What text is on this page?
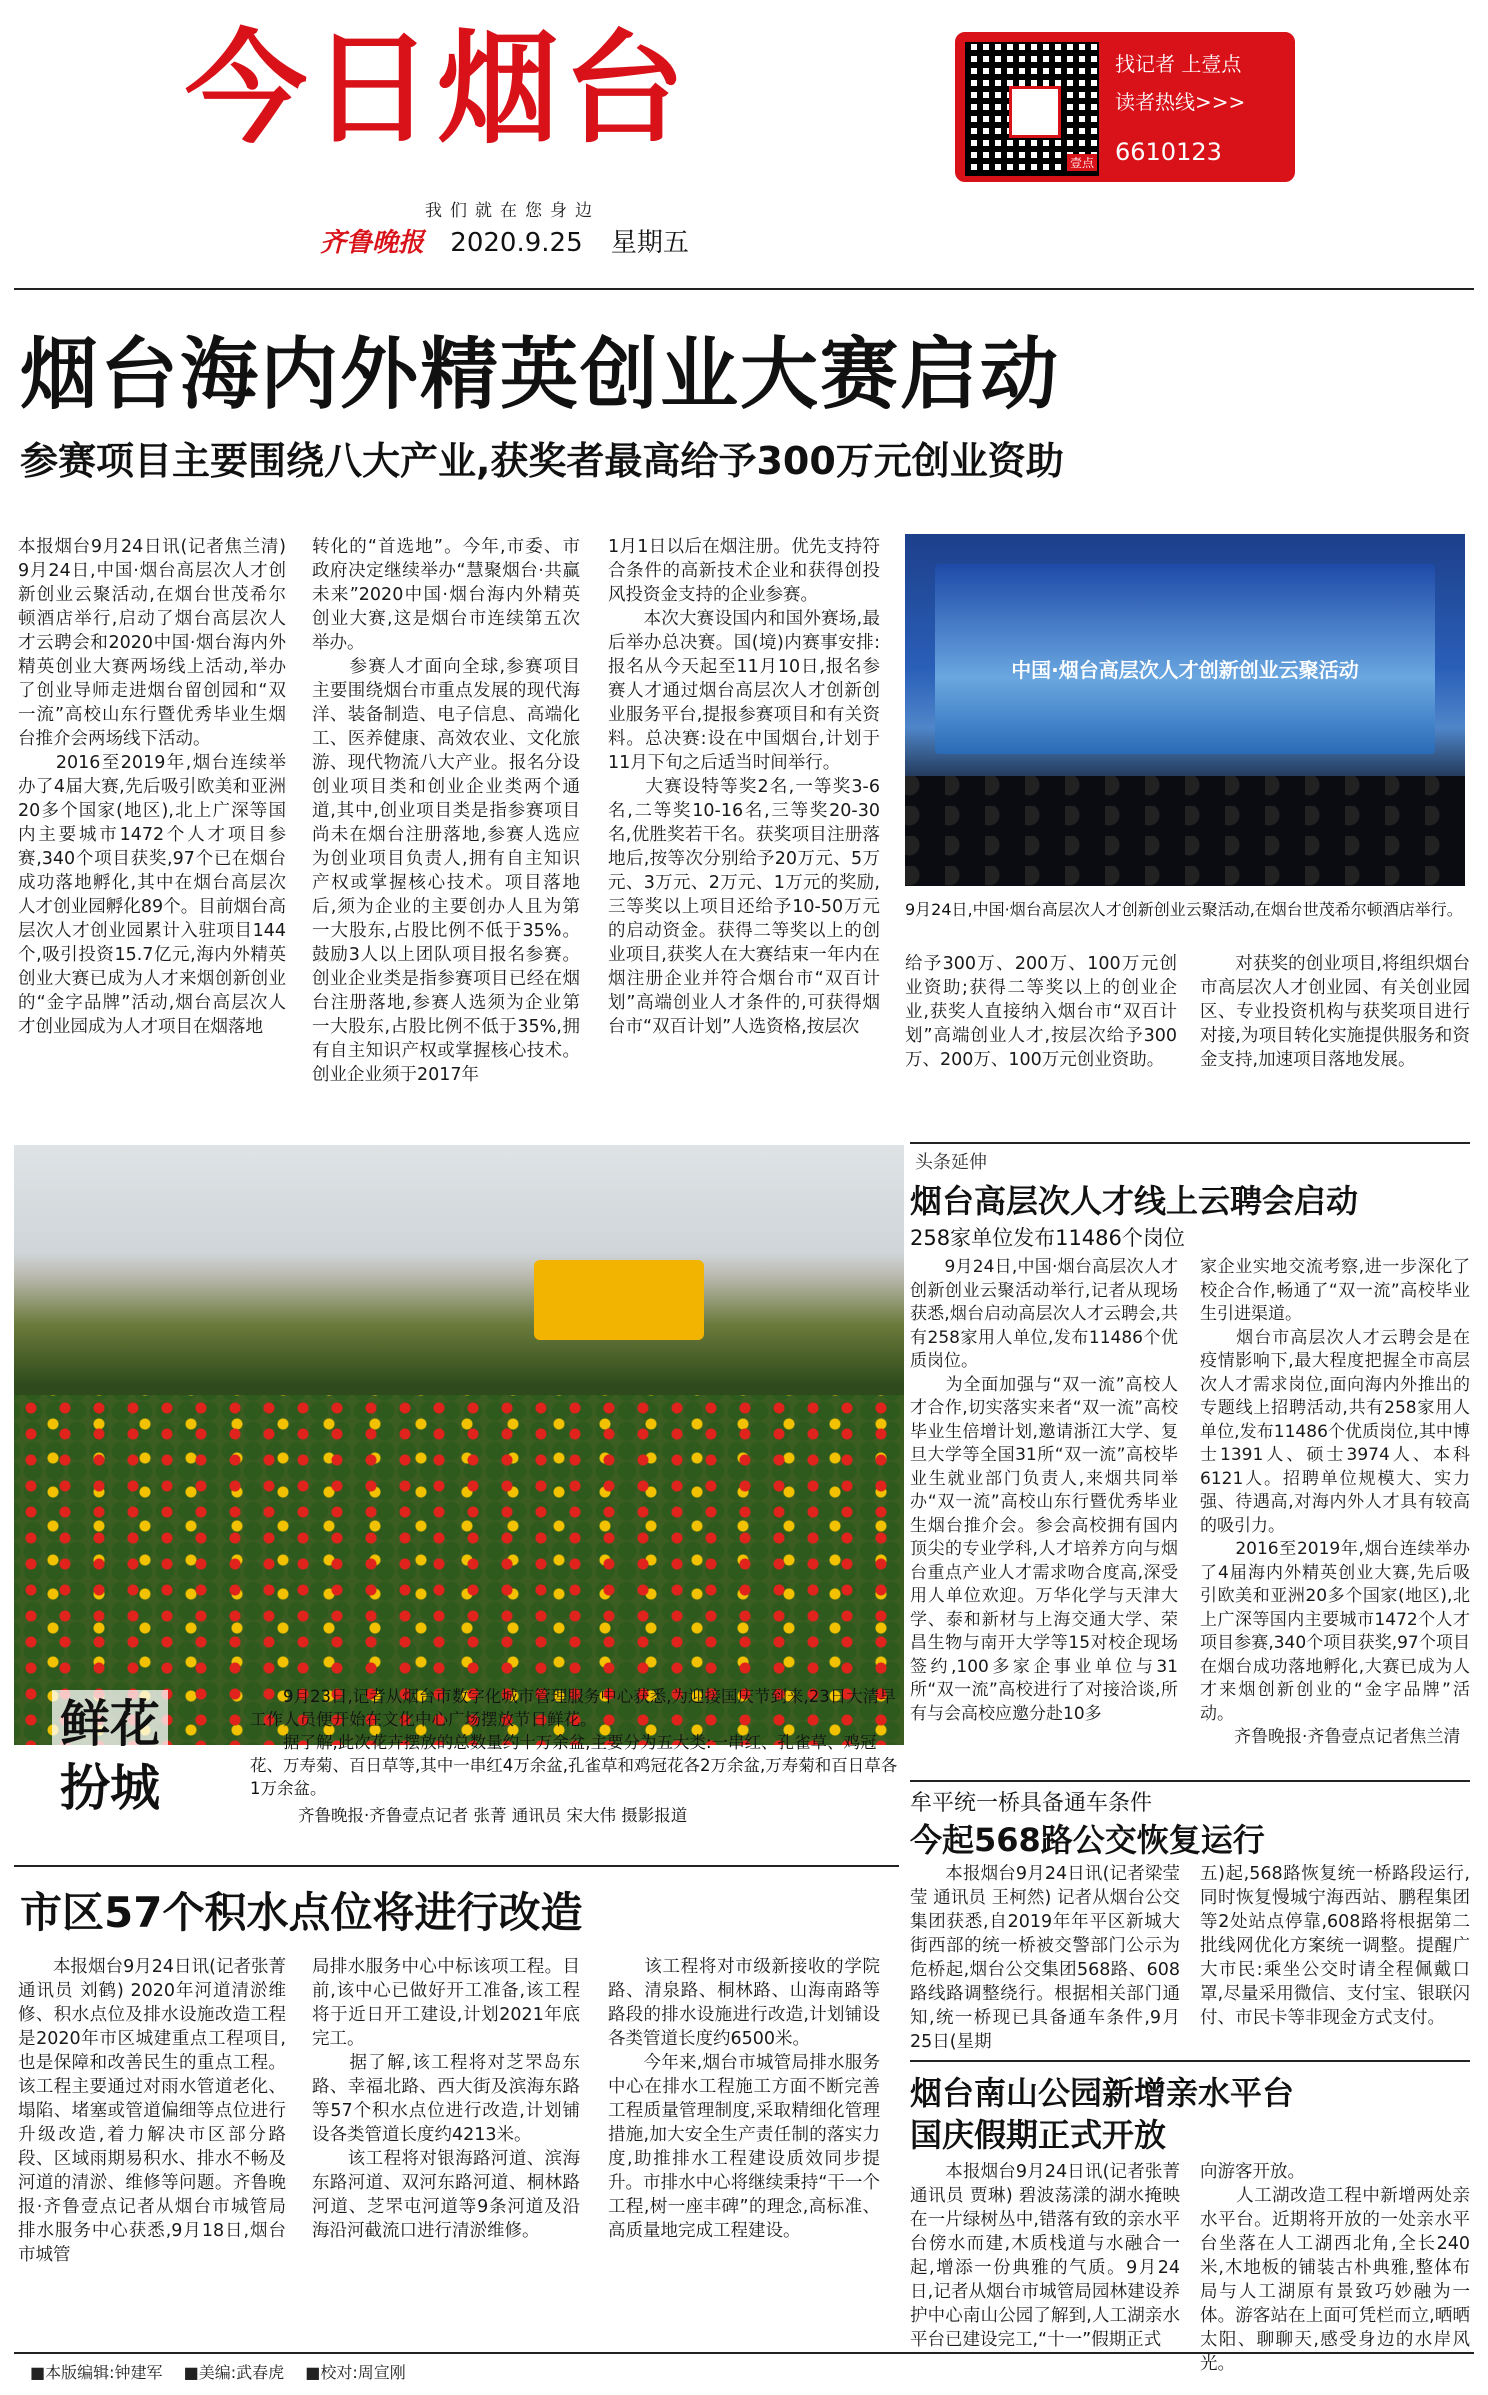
今日烟台	找记者 上壹点
读者热线>>>
6610123
壹点
我们就在您身边
齐鲁晚报 2020.9.25 星期五
烟台海内外精英创业大赛启动
参赛项目主要围绕八大产业,获奖者最高给予300万元创业资助
本报烟台9月24日讯(记者焦兰清) 9月24日,中国·烟台高层次人才创新创业云聚活动,在烟台世茂希尔顿酒店举行,启动了烟台高层次人才云聘会和2020中国·烟台海内外精英创业大赛两场线上活动,举办了创业导师走进烟台留创园和“双一流”高校山东行暨优秀毕业生烟台推介会两场线下活动。
　　2016至2019年,烟台连续举办了4届大赛,先后吸引欧美和亚洲20多个国家(地区),北上广深等国内主要城市1472个人才项目参赛,340个项目获奖,97个已在烟台成功落地孵化,其中在烟台高层次人才创业园孵化89个。目前烟台高层次人才创业园累计入驻项目144个,吸引投资15.7亿元,海内外精英创业大赛已成为人才来烟创新创业的“金字品牌”活动,烟台高层次人才创业园成为人才项目在烟落地
转化的“首选地”。今年,市委、市政府决定继续举办“慧聚烟台·共赢未来”2020中国·烟台海内外精英创业大赛,这是烟台市连续第五次举办。
　　参赛人才面向全球,参赛项目主要围绕烟台市重点发展的现代海洋、装备制造、电子信息、高端化工、医养健康、高效农业、文化旅游、现代物流八大产业。报名分设创业项目类和创业企业类两个通道,其中,创业项目类是指参赛项目尚未在烟台注册落地,参赛人选应为创业项目负责人,拥有自主知识产权或掌握核心技术。项目落地后,须为企业的主要创办人且为第一大股东,占股比例不低于35%。鼓励3人以上团队项目报名参赛。创业企业类是指参赛项目已经在烟台注册落地,参赛人选须为企业第一大股东,占股比例不低于35%,拥有自主知识产权或掌握核心技术。创业企业须于2017年
1月1日以后在烟注册。优先支持符合条件的高新技术企业和获得创投风投资金支持的企业参赛。
　　本次大赛设国内和国外赛场,最后举办总决赛。国(境)内赛事安排:报名从今天起至11月10日,报名参赛人才通过烟台高层次人才创新创业服务平台,提报参赛项目和有关资料。总决赛:设在中国烟台,计划于11月下旬之后适当时间举行。
　　大赛设特等奖2名,一等奖3-6名,二等奖10-16名,三等奖20-30名,优胜奖若干名。获奖项目注册落地后,按等次分别给予20万元、5万元、3万元、2万元、1万元的奖励,三等奖以上项目还给予10-50万元的启动资金。获得二等奖以上的创业项目,获奖人在大赛结束一年内在烟注册企业并符合烟台市“双百计划”高端创业人才条件的,可获得烟台市“双百计划”人选资格,按层次
中国·烟台高层次人才创新创业云聚活动
9月24日,中国·烟台高层次人才创新创业云聚活动,在烟台世茂希尔顿酒店举行。
给予300万、200万、100万元创业资助;获得二等奖以上的创业企业,获奖人直接纳入烟台市“双百计划”高端创业人才,按层次给予300万、200万、100万元创业资助。
　　对获奖的创业项目,将组织烟台市高层次人才创业园、有关创业园区、专业投资机构与获奖项目进行对接,为项目转化实施提供服务和资金支持,加速项目落地发展。
鲜花
扮城
　　9月23日,记者从烟台市数字化城市管理服务中心获悉,为迎接国庆节到来,23日大清早工作人员便开始在文化中心广场摆放节日鲜花。
　　据了解,此次花卉摆放的总数量约十万余盆,主要分为五大类:一串红、孔雀草、鸡冠花、万寿菊、百日草等,其中一串红4万余盆,孔雀草和鸡冠花各2万余盆,万寿菊和百日草各1万余盆。
齐鲁晚报·齐鲁壹点记者 张菁 通讯员 宋大伟 摄影报道
头条延伸
烟台高层次人才线上云聘会启动
258家单位发布11486个岗位
　　9月24日,中国·烟台高层次人才创新创业云聚活动举行,记者从现场获悉,烟台启动高层次人才云聘会,共有258家用人单位,发布11486个优质岗位。
　　为全面加强与“双一流”高校人才合作,切实落实来者“双一流”高校毕业生倍增计划,邀请浙江大学、复旦大学等全国31所“双一流”高校毕业生就业部门负责人,来烟共同举办“双一流”高校山东行暨优秀毕业生烟台推介会。参会高校拥有国内顶尖的专业学科,人才培养方向与烟台重点产业人才需求吻合度高,深受用人单位欢迎。万华化学与天津大学、泰和新材与上海交通大学、荣昌生物与南开大学等15对校企现场签约,100多家企事业单位与31所“双一流”高校进行了对接洽谈,所有与会高校应邀分赴10多
家企业实地交流考察,进一步深化了校企合作,畅通了“双一流”高校毕业生引进渠道。
　　烟台市高层次人才云聘会是在疫情影响下,最大程度把握全市高层次人才需求岗位,面向海内外推出的专题线上招聘活动,共有258家用人单位,发布11486个优质岗位,其中博士1391人、硕士3974人、本科6121人。招聘单位规模大、实力强、待遇高,对海内外人才具有较高的吸引力。
　　2016至2019年,烟台连续举办了4届海内外精英创业大赛,先后吸引欧美和亚洲20多个国家(地区),北上广深等国内主要城市1472个人才项目参赛,340个项目获奖,97个项目在烟台成功落地孵化,大赛已成为人才来烟创新创业的“金字品牌”活动。
　　齐鲁晚报·齐鲁壹点记者焦兰清
牟平统一桥具备通车条件
今起568路公交恢复运行
　　本报烟台9月24日讯(记者梁莹莹 通讯员 王柯然) 记者从烟台公交集团获悉,自2019年年平区新城大街西部的统一桥被交警部门公示为危桥起,烟台公交集团568路、608路线路调整绕行。根据相关部门通知,统一桥现已具备通车条件,9月25日(星期
五)起,568路恢复统一桥路段运行,同时恢复慢城宁海西站、鹏程集团等2处站点停靠,608路将根据第二批线网优化方案统一调整。提醒广大市民:乘坐公交时请全程佩戴口罩,尽量采用微信、支付宝、银联闪付、市民卡等非现金方式支付。
市区57个积水点位将进行改造
　　本报烟台9月24日讯(记者张菁 通讯员 刘鹤) 2020年河道清淤维修、积水点位及排水设施改造工程是2020年市区城建重点工程项目,也是保障和改善民生的重点工程。该工程主要通过对雨水管道老化、塌陷、堵塞或管道偏细等点位进行升级改造,着力解决市区部分路段、区域雨期易积水、排水不畅及河道的清淤、维修等问题。齐鲁晚报·齐鲁壹点记者从烟台市城管局排水服务中心获悉,9月18日,烟台市城管
局排水服务中心中标该项工程。目前,该中心已做好开工准备,该工程将于近日开工建设,计划2021年底完工。
　　据了解,该工程将对芝罘岛东路、幸福北路、西大街及滨海东路等57个积水点位进行改造,计划铺设各类管道长度约4213米。
　　该工程将对银海路河道、滨海东路河道、双河东路河道、桐林路河道、芝罘屯河道等9条河道及沿海沿河截流口进行清淤维修。
　　该工程将对市级新接收的学院路、清泉路、桐林路、山海南路等路段的排水设施进行改造,计划铺设各类管道长度约6500米。
　　今年来,烟台市城管局排水服务中心在排水工程施工方面不断完善工程质量管理制度,采取精细化管理措施,加大安全生产责任制的落实力度,助推排水工程建设质效同步提升。市排水中心将继续秉持“干一个工程,树一座丰碑”的理念,高标准、高质量地完成工程建设。
烟台南山公园新增亲水平台
国庆假期正式开放
　　本报烟台9月24日讯(记者张菁 通讯员 贾琳) 碧波荡漾的湖水掩映在一片绿树丛中,错落有致的亲水平台傍水而建,木质栈道与水融合一起,增添一份典雅的气质。9月24日,记者从烟台市城管局园林建设养护中心南山公园了解到,人工湖亲水平台已建设完工,“十一”假期正式
向游客开放。
　　人工湖改造工程中新增两处亲水平台。近期将开放的一处亲水平台坐落在人工湖西北角,全长240米,木地板的铺装古朴典雅,整体布局与人工湖原有景致巧妙融为一体。游客站在上面可凭栏而立,晒晒太阳、聊聊天,感受身边的水岸风光。
■本版编辑:钟建军 ■美编:武春虎 ■校对:周宣刚
